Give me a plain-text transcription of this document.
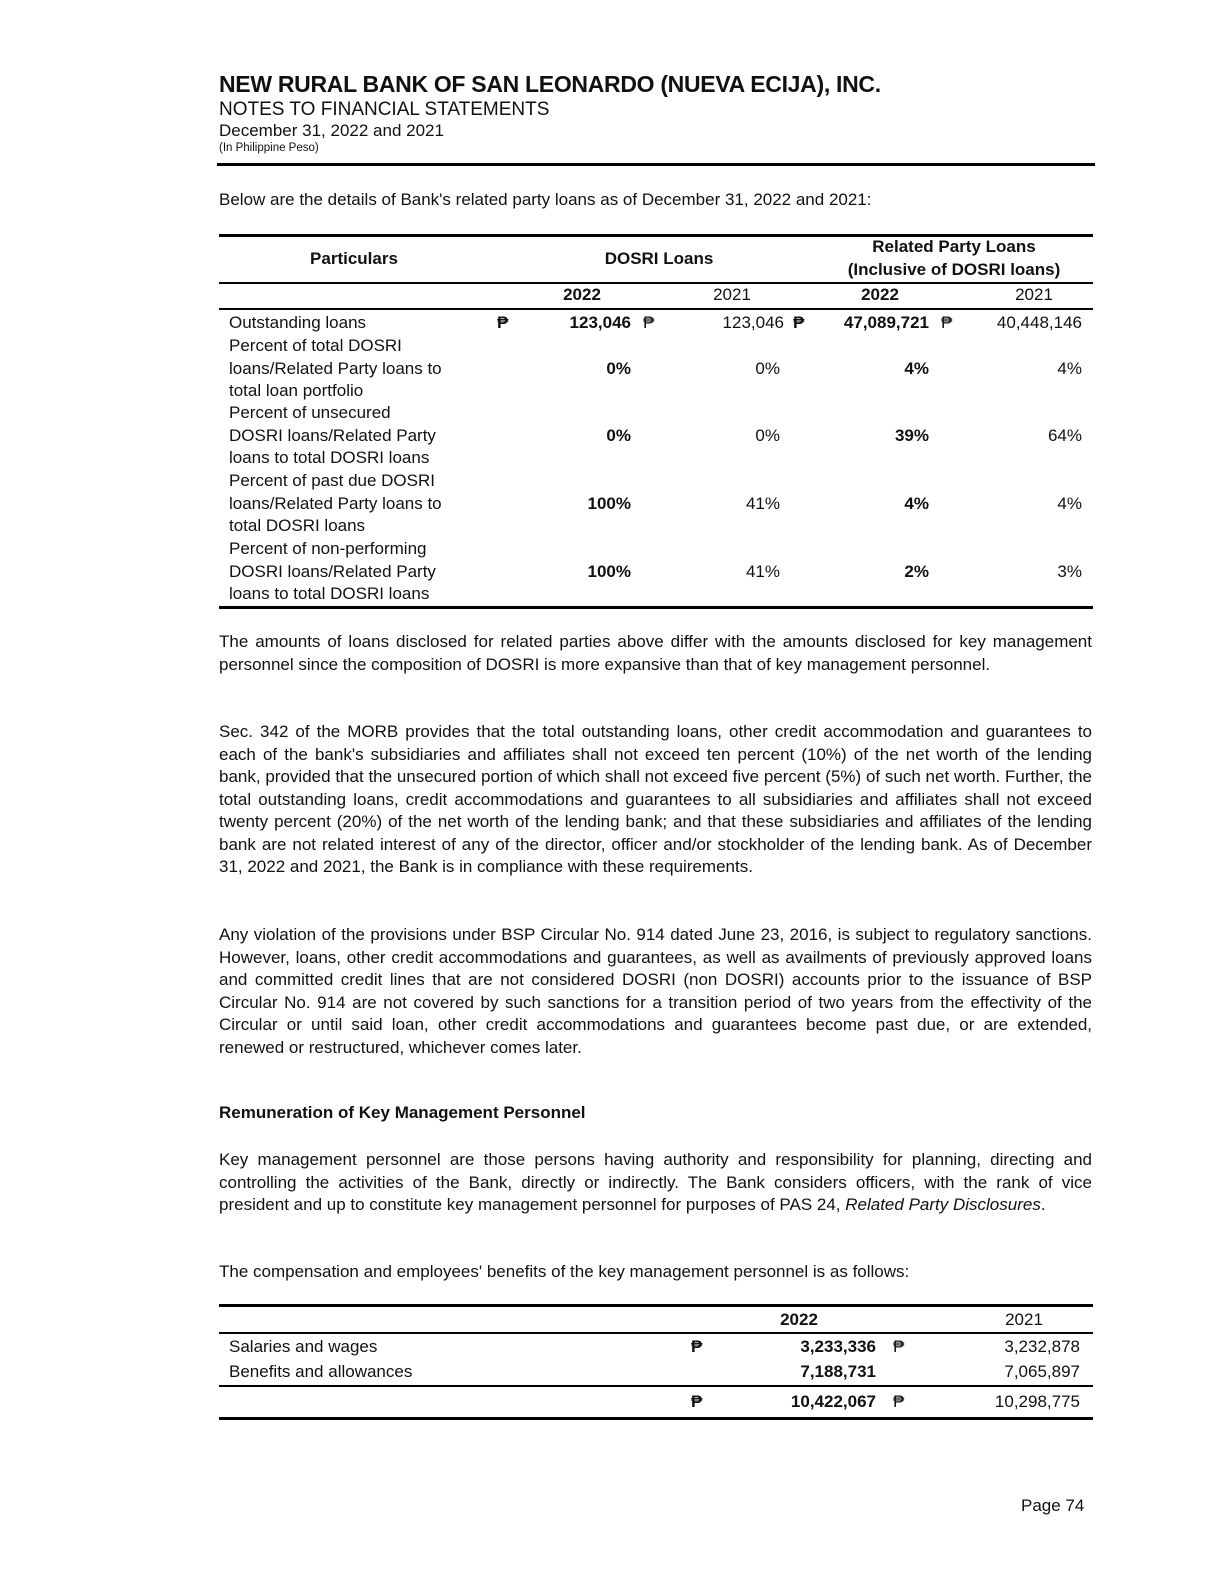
NEW RURAL BANK OF SAN LEONARDO (NUEVA ECIJA), INC.
NOTES TO FINANCIAL STATEMENTS
December 31, 2022 and 2021
(In Philippine Peso)
Below are the details of Bank's related party loans as of December 31, 2022 and 2021:
Particulars	DOSRI Loans
Related Party Loans
(Inclusive of DOSRI loans)
2022	2021	2022	2021
Outstanding loans	₱	123,046 ₱	123,046 ₱	47,089,721 ₱	40,448,146
Percent of total DOSRI
loans/Related Party loans to
total loan portfolio
0%	0%	4%	4%
Percent of unsecured
DOSRI loans/Related Party
loans to total DOSRI loans
0%	0%	39%	64%
Percent of past due DOSRI
loans/Related Party loans to
total DOSRI loans
100%	41%	4%	4%
Percent of non-performing
DOSRI loans/Related Party
loans to total DOSRI loans
100%	41%	2%	3%
The amounts of loans disclosed for related parties above differ with the amounts disclosed for key management personnel since the composition of DOSRI is more expansive than that of key management personnel.
Sec. 342 of the MORB provides that the total outstanding loans, other credit accommodation and guarantees to each of the bank's subsidiaries and affiliates shall not exceed ten percent (10%) of the net worth of the lending bank, provided that the unsecured portion of which shall not exceed five percent (5%) of such net worth. Further, the total outstanding loans, credit accommodations and guarantees to all subsidiaries and affiliates shall not exceed twenty percent (20%) of the net worth of the lending bank; and that these subsidiaries and affiliates of the lending bank are not related interest of any of the director, officer and/or stockholder of the lending bank. As of December 31, 2022 and 2021, the Bank is in compliance with these requirements.
Any violation of the provisions under BSP Circular No. 914 dated June 23, 2016, is subject to regulatory sanctions. However, loans, other credit accommodations and guarantees, as well as availments of previously approved loans and committed credit lines that are not considered DOSRI (non DOSRI) accounts prior to the issuance of BSP Circular No. 914 are not covered by such sanctions for a transition period of two years from the effectivity of the Circular or until said loan, other credit accommodations and guarantees become past due, or are extended, renewed or restructured, whichever comes later.
Remuneration of Key Management Personnel
Key management personnel are those persons having authority and responsibility for planning, directing and controlling the activities of the Bank, directly or indirectly. The Bank considers officers, with the rank of vice president and up to constitute key management personnel for purposes of PAS 24, Related Party Disclosures.
The compensation and employees' benefits of the key management personnel is as follows:
2022	2021
Salaries and wages	₱	3,233,336 ₱	3,232,878
Benefits and allowances	7,188,731	7,065,897
₱	10,422,067 ₱	10,298,775
Page 74
